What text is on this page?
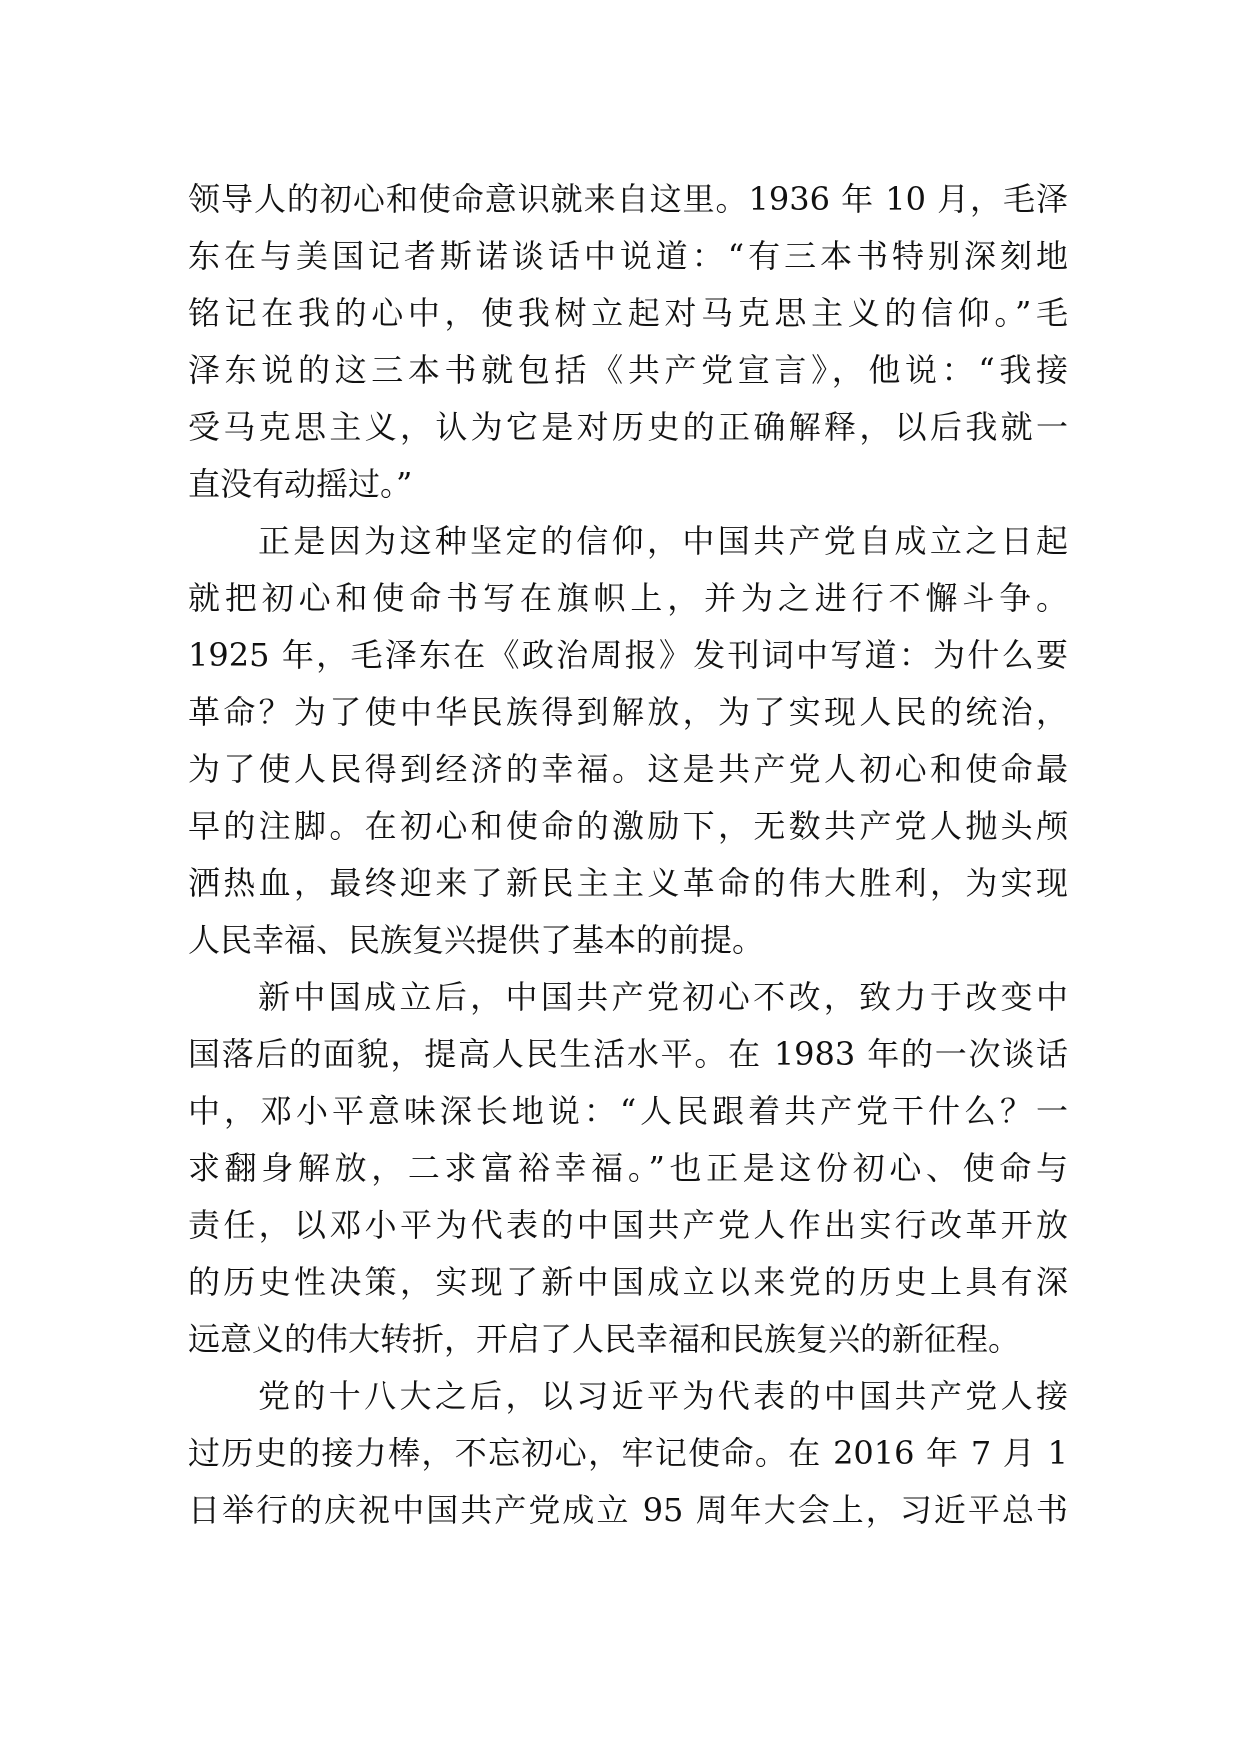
领导人的初心和使命意识就来自这里。1936 年 10 月，毛泽
东在与美国记者斯诺谈话中说道：“有三本书特别深刻地
铭记在我的心中，使我树立起对马克思主义的信仰。”毛
泽东说的这三本书就包括《共产党宣言》，他说：“我接
受马克思主义，认为它是对历史的正确解释，以后我就一
直没有动摇过。”
正是因为这种坚定的信仰，中国共产党自成立之日起
就把初心和使命书写在旗帜上，并为之进行不懈斗争。
1925 年，毛泽东在《政治周报》发刊词中写道：为什么要
革命？为了使中华民族得到解放，为了实现人民的统治，
为了使人民得到经济的幸福。这是共产党人初心和使命最
早的注脚。在初心和使命的激励下，无数共产党人抛头颅
洒热血，最终迎来了新民主主义革命的伟大胜利，为实现
人民幸福、民族复兴提供了基本的前提。
新中国成立后，中国共产党初心不改，致力于改变中
国落后的面貌，提高人民生活水平。在 1983 年的一次谈话
中，邓小平意味深长地说：“人民跟着共产党干什么？一
求翻身解放，二求富裕幸福。”也正是这份初心、使命与
责任，以邓小平为代表的中国共产党人作出实行改革开放
的历史性决策，实现了新中国成立以来党的历史上具有深
远意义的伟大转折，开启了人民幸福和民族复兴的新征程。
党的十八大之后，以习近平为代表的中国共产党人接
过历史的接力棒，不忘初心，牢记使命。在 2016 年 7 月 1
日举行的庆祝中国共产党成立 95 周年大会上，习近平总书
